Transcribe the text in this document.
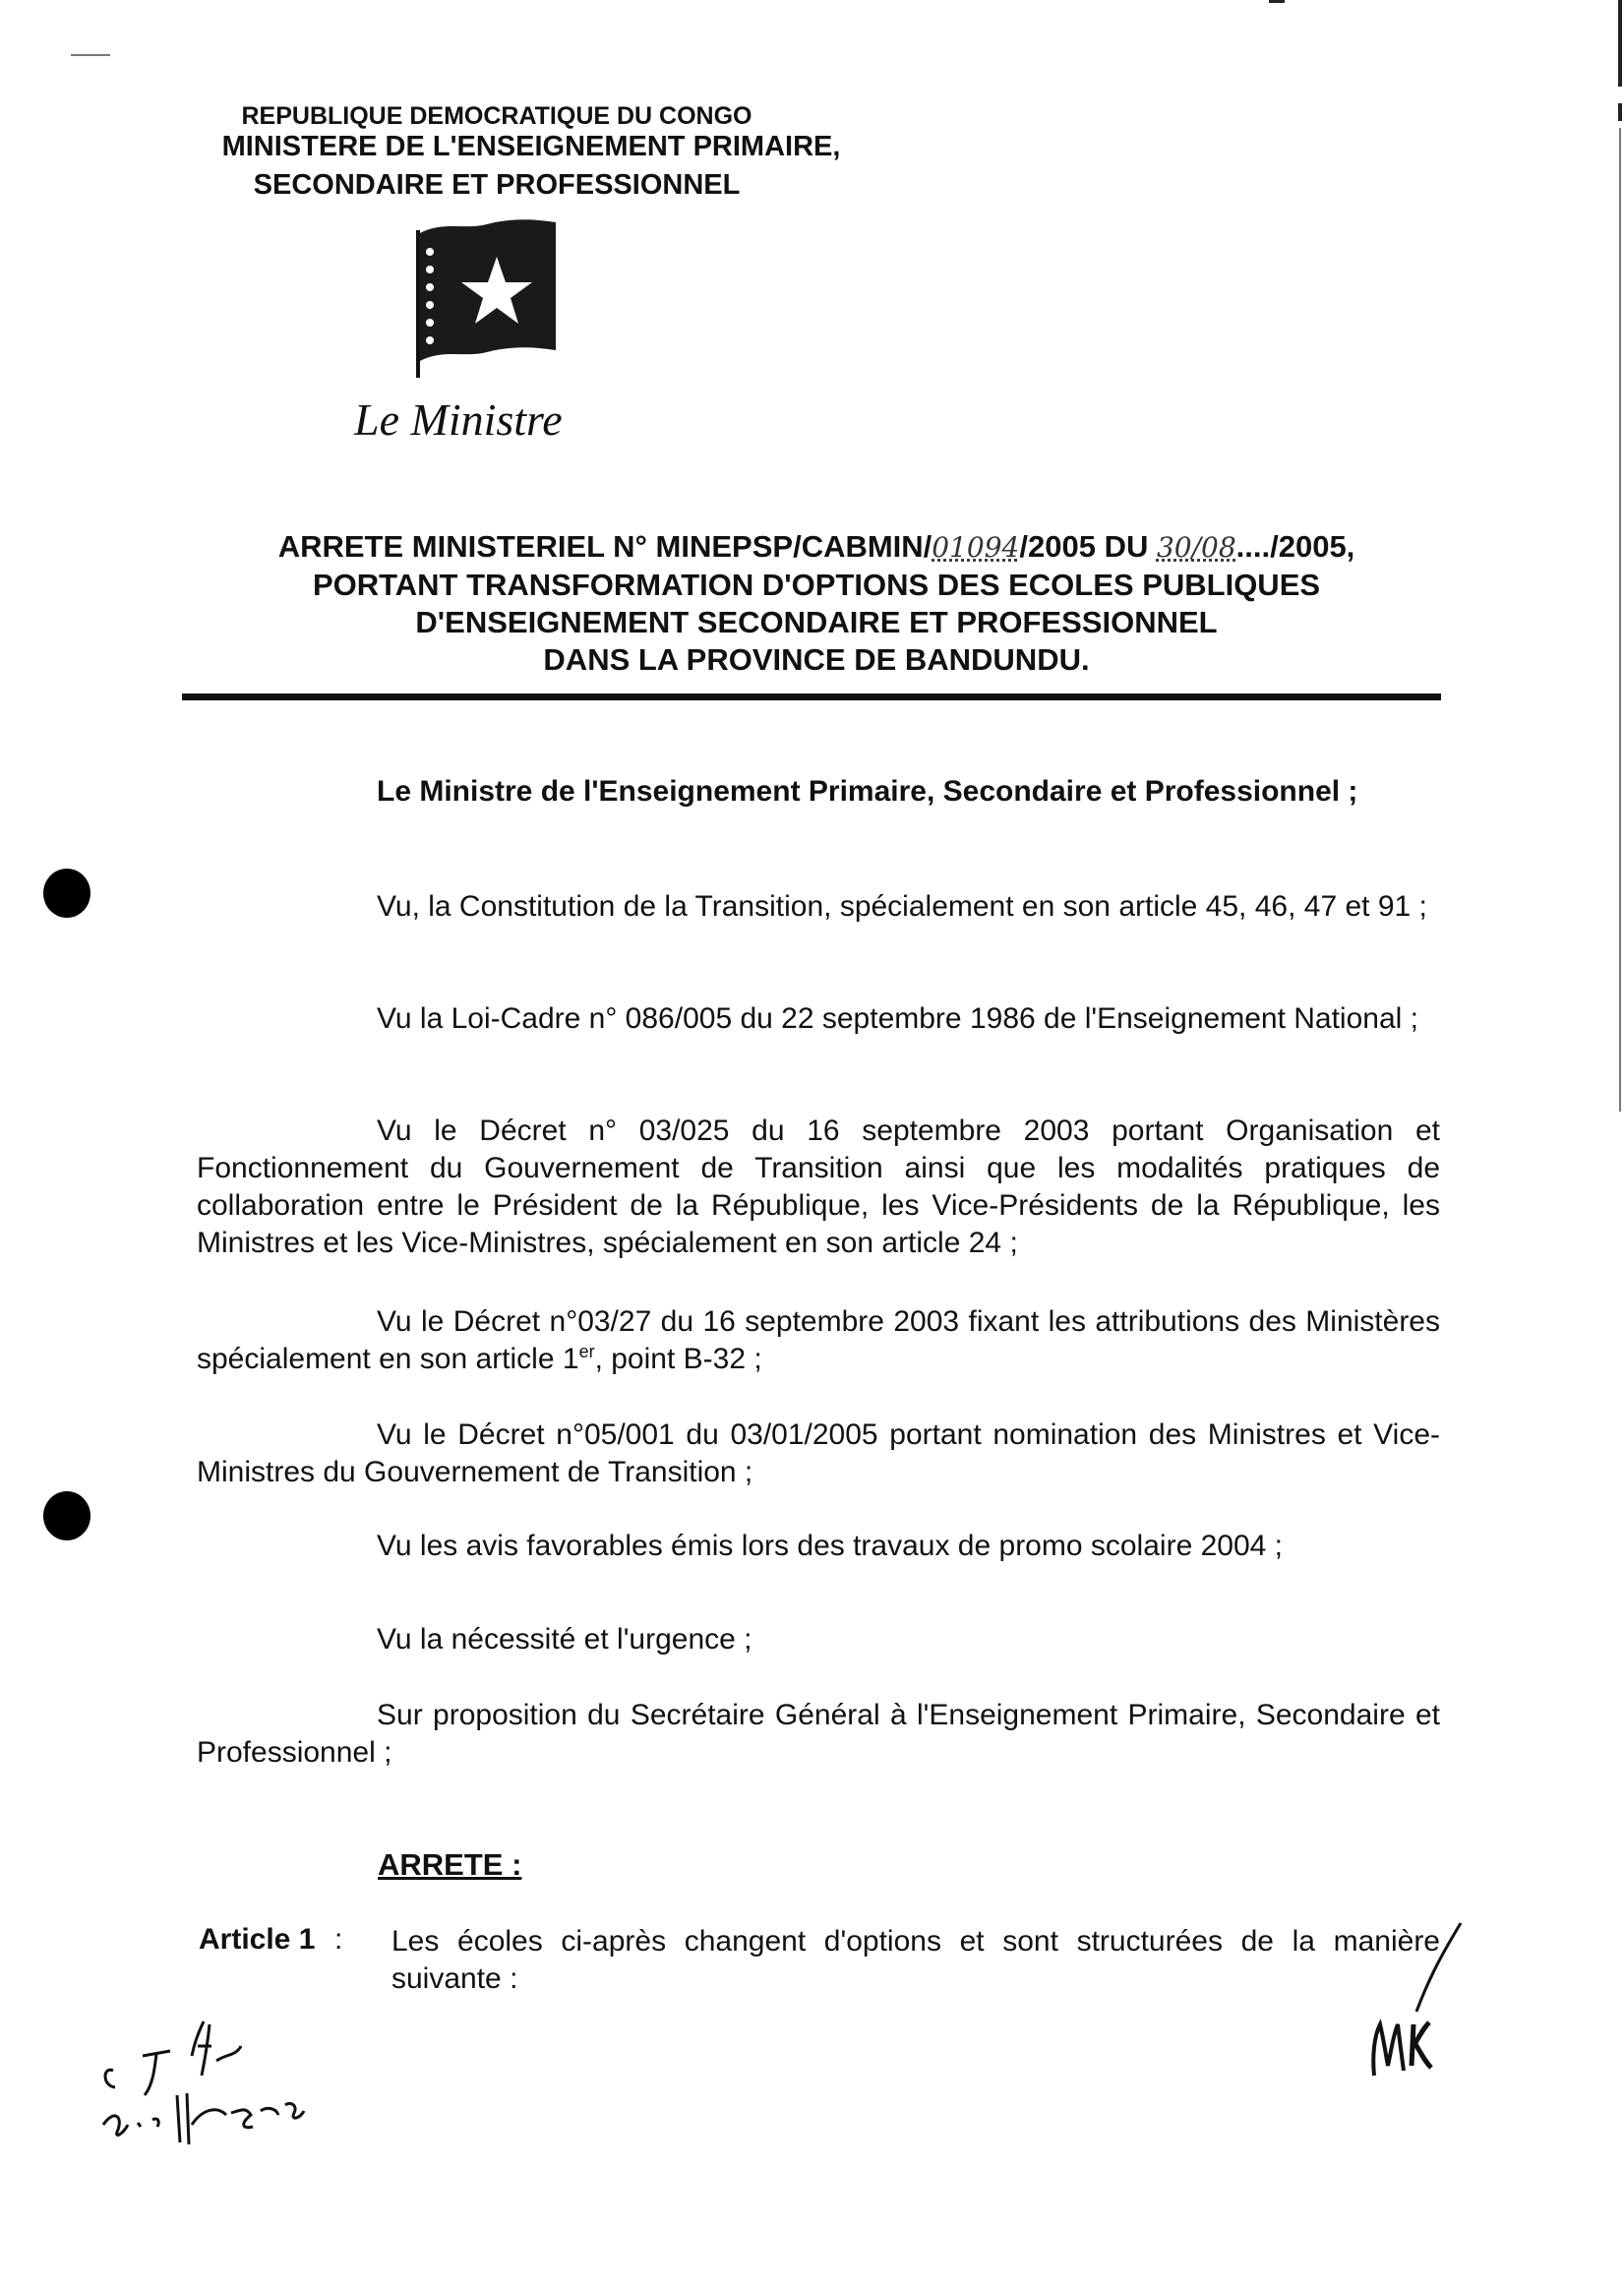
REPUBLIQUE DEMOCRATIQUE DU CONGO
MINISTERE DE L'ENSEIGNEMENT PRIMAIRE,
SECONDAIRE ET PROFESSIONNEL
Le Ministre
ARRETE MINISTERIEL N° MINEPSP/CABMIN/01094/2005 DU 30/08..../2005,
PORTANT TRANSFORMATION D'OPTIONS DES ECOLES PUBLIQUES
D'ENSEIGNEMENT SECONDAIRE ET PROFESSIONNEL
DANS LA PROVINCE DE BANDUNDU.
Le Ministre de l'Enseignement Primaire, Secondaire et Professionnel ;
Vu, la Constitution de la Transition, spécialement en son article 45, 46, 47 et 91 ;
Vu la Loi-Cadre n° 086/005 du 22 septembre 1986 de l'Enseignement National ;
Vu le Décret n° 03/025 du 16 septembre 2003 portant Organisation et Fonctionnement du Gouvernement de Transition ainsi que les modalités pratiques de collaboration entre le Président de la République, les Vice-Présidents de la République, les Ministres et les Vice-Ministres, spécialement en son article 24 ;
Vu le Décret n°03/27 du 16 septembre 2003 fixant les attributions des Ministères spécialement en son article 1er, point B-32 ;
Vu le Décret n°05/001 du 03/01/2005 portant nomination des Ministres et Vice-Ministres du Gouvernement de Transition ;
Vu les avis favorables émis lors des travaux de promo scolaire 2004 ;
Vu la nécessité et l'urgence ;
Sur proposition du Secrétaire Général à l'Enseignement Primaire, Secondaire et Professionnel ;
ARRETE :
Article 1 : Les écoles ci-après changent d'options et sont structurées de la manière suivante :
